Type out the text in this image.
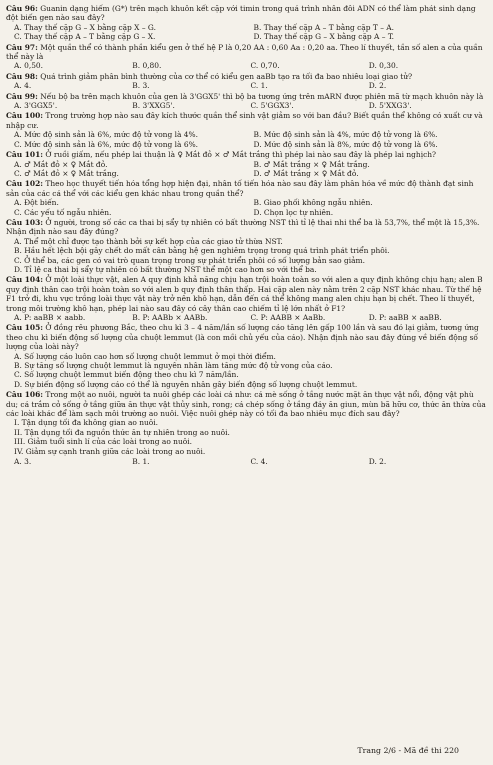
Câu 96: Guanin dạng hiếm (G*) trên mạch khuôn kết cặp với timin trong quá trình nhân đôi ADN có thể làm phát sinh dạng đột biến gen nào sau đây?

A. Thay thế cặp G – X bằng cặp X – G.	B. Thay thế cặp A – T bằng cặp T – A.
C. Thay thế cặp A – T bằng cặp G – X.	D. Thay thế cặp G – X bằng cặp A – T.

Câu 97: Một quần thể có thành phần kiểu gen ở thế hệ P là 0,20 AA : 0,60 Aa : 0,20 aa. Theo lí thuyết, tần số alen a của quần thể này là

A. 0,50.	B. 0,80.	C. 0,70.	D. 0,30.

Câu 98: Quá trình giảm phân bình thường của cơ thể có kiểu gen aaBb tạo ra tối đa bao nhiêu loại giao tử?

A. 4.	B. 3.	C. 1.	D. 2.

Câu 99: Nếu bộ ba trên mạch khuôn của gen là 3'GGX5' thì bộ ba tương ứng trên mARN được phiên mã từ mạch khuôn này là

A. 3'GGX5'.	B. 3'XXG5'.	C. 5'GGX3'.	D. 5'XXG3'.

Câu 100: Trong trường hợp nào sau đây kích thước quần thể sinh vật giảm so với ban đầu? Biết quần thể không có xuất cư và nhập cư.

A. Mức độ sinh sản là 6%, mức độ tử vong là 4%.	B. Mức độ sinh sản là 4%, mức độ tử vong là 6%.
C. Mức độ sinh sản là 6%, mức độ tử vong là 6%.	D. Mức độ sinh sản là 8%, mức độ tử vong là 6%.

Câu 101: Ở ruồi giấm, nếu phép lai thuận là ♀ Mắt đỏ × ♂ Mắt trắng thì phép lai nào sau đây là phép lai nghịch?

A. ♂ Mắt đỏ × ♀ Mắt đỏ.	B. ♂ Mắt trắng × ♀ Mắt trắng.
C. ♂ Mắt đỏ × ♀ Mắt trắng.	D. ♂ Mắt trắng × ♀ Mắt đỏ.

Câu 102: Theo học thuyết tiến hóa tổng hợp hiện đại, nhân tố tiến hóa nào sau đây làm phân hóa về mức độ thành đạt sinh sản của các cá thể với các kiểu gen khác nhau trong quần thể?

A. Đột biến.	B. Giao phối không ngẫu nhiên.
C. Các yếu tố ngẫu nhiên.	D. Chọn lọc tự nhiên.

Câu 103: Ở người, trong số các ca thai bị sẩy tự nhiên có bất thường NST thì tỉ lệ thai nhi thể ba là 53,7%, thể một là 15,3%. Nhận định nào sau đây đúng?

A. Thể một chỉ được tạo thành bởi sự kết hợp của các giao tử thừa NST.
B. Hầu hết lệch bội gây chết do mất cân bằng hệ gen nghiêm trọng trong quá trình phát triển phôi.
C. Ở thể ba, các gen có vai trò quan trọng trong sự phát triển phôi có số lượng bản sao giảm.
D. Tỉ lệ ca thai bị sẩy tự nhiên có bất thường NST thể một cao hơn so với thể ba.

Câu 104: Ở một loài thực vật, alen A quy định khả năng chịu hạn trội hoàn toàn so với alen a quy định không chịu hạn; alen B quy định thân cao trội hoàn toàn so với alen b quy định thân thấp. Hai cặp alen này nằm trên 2 cặp NST khác nhau. Từ thế hệ F1 trở đi, khu vực trồng loài thực vật này trở nên khô hạn, dẫn đến cá thể không mang alen chịu hạn bị chết. Theo lí thuyết, trong môi trường khô hạn, phép lai nào sau đây có cây thân cao chiếm tỉ lệ lớn nhất ở F1?

A. P: aaBB × aabb.	B. P: AABb × AABb.	C. P: AABB × AaBb.	D. P: aaBB × aaBB.

Câu 105: Ở đồng rêu phương Bắc, theo chu kì 3 – 4 năm/lần số lượng cáo tăng lên gấp 100 lần và sau đó lại giảm, tương ứng theo chu kì biến động số lượng của chuột lemmut (là con mồi chủ yếu của cáo). Nhận định nào sau đây đúng về biến động số lượng của loài này?

A. Số lượng cáo luôn cao hơn số lượng chuột lemmut ở mọi thời điểm.
B. Sự tăng số lượng chuột lemmut là nguyên nhân làm tăng mức độ tử vong của cáo.
C. Số lượng chuột lemmut biến động theo chu kì 7 năm/lần.
D. Sự biến động số lượng cáo có thể là nguyên nhân gây biến động số lượng chuột lemmut.

Câu 106: Trong một ao nuôi, người ta nuôi ghép các loài cá như: cá mè sống ở tầng nước mặt ăn thực vật nổi, động vật phù du; cá trắm cỏ sống ở tầng giữa ăn thực vật thủy sinh, rong; cá chép sống ở tầng đáy ăn giun, mùn bã hữu cơ, thức ăn thừa của các loài khác để làm sạch môi trường ao nuôi. Việc nuôi ghép này có tối đa bao nhiêu mục đích sau đây?

I. Tận dụng tối đa không gian ao nuôi.
II. Tận dụng tối đa nguồn thức ăn tự nhiên trong ao nuôi.
III. Giảm tuổi sinh lí của các loài trong ao nuôi.
IV. Giảm sự cạnh tranh giữa các loài trong ao nuôi.
A. 3.	B. 1.	C. 4.	D. 2.
Trang 2/6 - Mã đề thi 220
